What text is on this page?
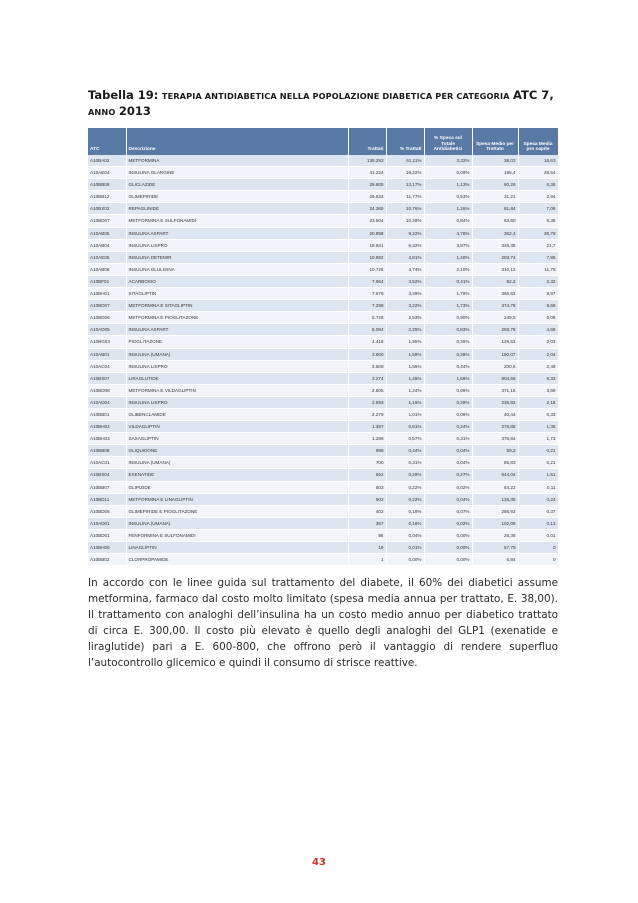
Tabella 19: TERAPIA ANTIDIABETICA NELLA POPOLAZIONE DIABETICA PER CATEGORIA ATC 7,
ANNO 2013
ATC	Descrizione	Trattati	% Trattati	% Spesa sul Totale Antidiabetici	Spesa Medio per Trattato	Spesa Media pro capite
A10BA02	METFORMINA	138.293	61,11%	3,32%	38,03	16,63
A10AE04	INSULINA GLARGINE	41.224	18,22%	5,09%	195,4	28,54
A10BB09	GLICLAZIDE	29.800	13,17%	1,13%	60,26	6,36
A10BB12	GLIMEPIRIDE	26.633	11,77%	0,53%	31,21	2,94
A10BX02	REPAGLINIDE	24.360	10,76%	1,26%	81,84	7,06
A10BD07	METFORMINA E SULFONAMIDI	23.504	10,39%	0,84%	63,60	5,35
A10AB05	INSULINA ASPART	20.858	9,22%	4,78%	362,4	26,78
A10AB04	INSULINA LISPRO	18.831	8,32%	3,87%	325,35	21,7
A10AE05	INSULINA DETEMIR	10.882	4,81%	1,40%	203,74	7,85
A10AB06	INSULINA GLULISINA	10.725	4,74%	2,10%	310,13	11,78
A10BF01	ACARBOSIO	7.964	3,52%	0,41%	82,2	2,32
A10BH01	SITAGLIPTIN	7.678	3,39%	1,78%	366,63	9,97
A10BD07	METFORMINA E SITAGLIPTIN	7.298	3,22%	1,73%	374,78	9,69
A10BD06	METFORMINA E PIOGLITAZONE	5.726	2,53%	0,90%	249,5	5,06
A10AD05	INSULINA ASPART	5.084	2,25%	0,83%	259,78	4,68
A10BG03	PIOGLITAZONE	4.418	1,95%	0,36%	129,53	2,03
A10AB01	INSULINA (UMANA)	3.600	1,59%	0,36%	160,07	2,04
A10AC04	INSULINA LISPRO	3.509	1,55%	0,44%	200,6	2,49
A10BX07	LIRAGLUTIDE	3.274	1,45%	1,66%	804,59	9,33
A10BD08	METFORMINA E VILDAGLIPTIN	2.805	1,24%	0,66%	371,15	3,69
A10AD04	INSULINA LISPRO	2.593	1,15%	0,39%	236,93	2,18
A10BB01	GLIBENCLAMIDE	2.279	1,01%	0,06%	40,44	0,33
A10BH02	VILDAGLIPTIN	1.387	0,61%	0,24%	276,88	1,36
A10BH03	SAXAGLIPTIN	1.288	0,57%	0,31%	378,84	1,73
A10BB08	GLIQUIDONE	995	0,44%	0,04%	59,2	0,21
A10AC01	INSULINA (UMANA)	700	0,31%	0,04%	85,83	0,21
A10BX04	EXENATIDE	662	0,29%	0,27%	644,04	1,51
A10BB07	GLIPIZIDE	503	0,22%	0,02%	64,22	0,11
A10BD11	METFORMINA E LINAGLIPTIN	502	0,22%	0,04%	135,35	0,24
A10BD06	GLIMEPIRIDE E PIOGLITAZONE	402	0,18%	0,07%	256,93	0,37
A10AD01	INSULINA (UMANA)	367	0,16%	0,02%	102,09	0,13
A10BD01	FENFORMINA E SULFONAMIDI	96	0,04%	0,00%	26,36	0,01
A10BH05	LINAGLIPTIN	19	0,01%	0,00%	57,75	0
A10BB02	CLORPROPAMIDE	1	0,00%	0,00%	6,84	0

In accordo con le linee guida sul trattamento del diabete, il 60% dei diabetici assume metformina, farmaco dal costo molto limitato (spesa media annua per trattato, E. 38,00). Il trattamento con analoghi dell’insulina ha un costo medio annuo per diabetico trattato di circa E. 300,00. Il costo più elevato è quello degli analoghi del GLP1 (exenatide e liraglutide) pari a E. 600-800, che offrono però il vantaggio di rendere superfluo l’autocontrollo glicemico e quindi il consumo di strisce reattive.

43
